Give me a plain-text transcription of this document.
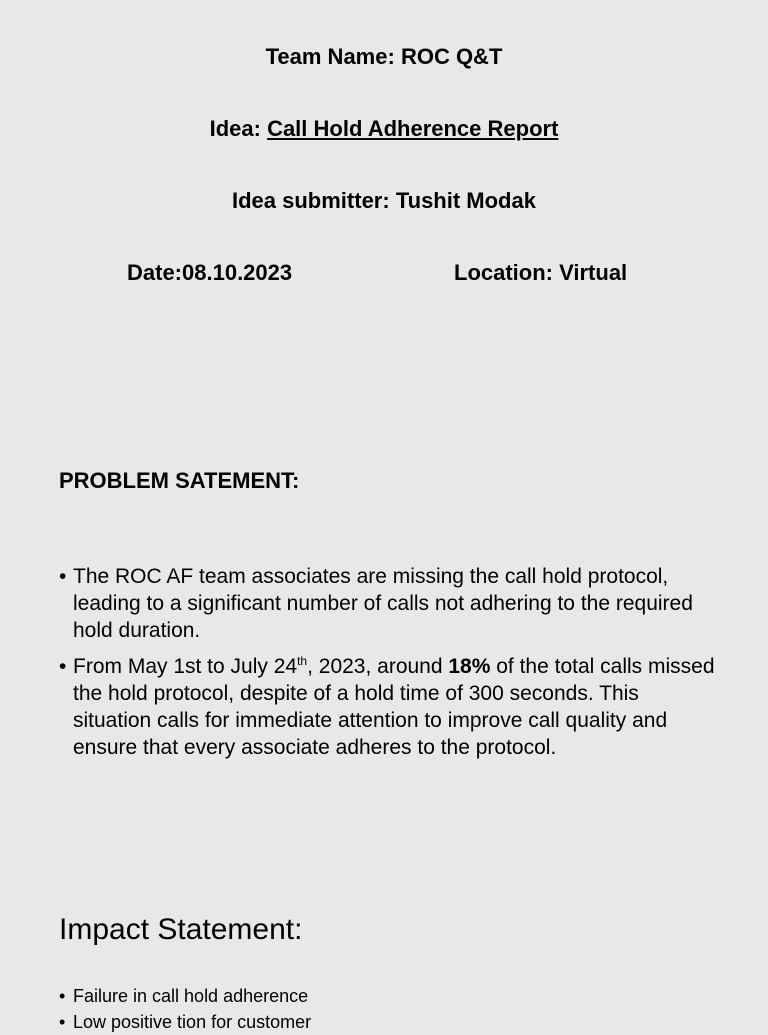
Team Name: ROC Q&T
Idea: Call Hold Adherence Report
Idea submitter: Tushit Modak
Date:08.10.2023	Location: Virtual
PROBLEM SATEMENT:
• The ROC AF team associates are missing the call hold protocol, leading to a significant number of calls not adhering to the required hold duration.
• From May 1st to July 24th, 2023, around 18% of the total calls missed the hold protocol, despite of a hold time of 300 seconds. This situation calls for immediate attention to improve call quality and ensure that every associate adheres to the protocol.
Impact Statement:
• Failure in call hold adherence
• Low positive tion for customer
